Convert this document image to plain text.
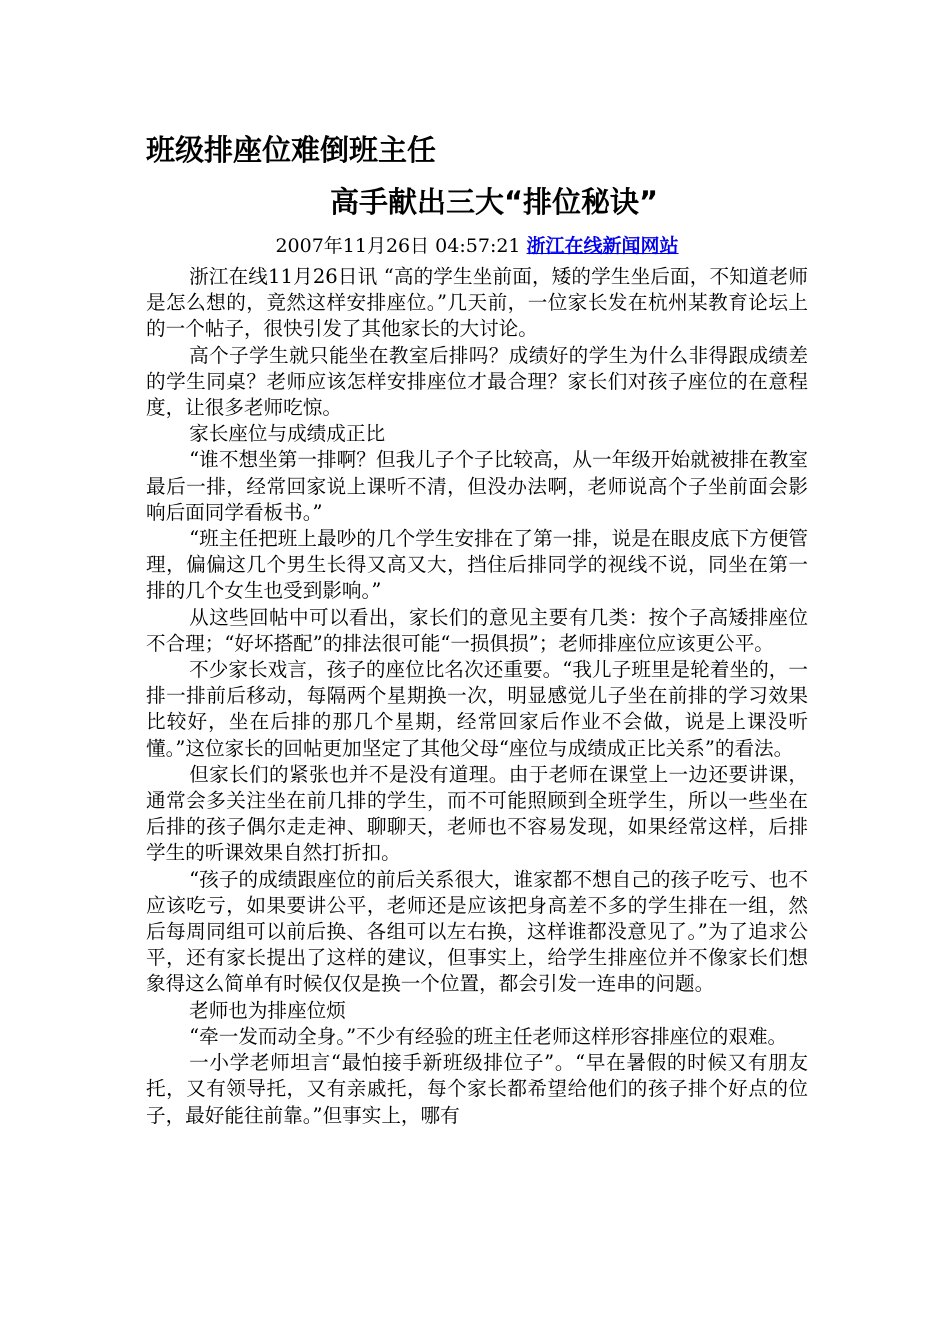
班级排座位难倒班主任
高手献出三大“排位秘诀”
2007年11月26日 04:57:21 浙江在线新闻网站

浙江在线11月26日讯 “高的学生坐前面，矮的学生坐后面，不知道老师是怎么想的，竟然这样安排座位。”几天前，一位家长发在杭州某教育论坛上的一个帖子，很快引发了其他家长的大讨论。

高个子学生就只能坐在教室后排吗？成绩好的学生为什么非得跟成绩差的学生同桌？老师应该怎样安排座位才最合理？家长们对孩子座位的在意程度，让很多老师吃惊。

家长座位与成绩成正比

“谁不想坐第一排啊？但我儿子个子比较高，从一年级开始就被排在教室最后一排，经常回家说上课听不清，但没办法啊，老师说高个子坐前面会影响后面同学看板书。”

“班主任把班上最吵的几个学生安排在了第一排，说是在眼皮底下方便管理，偏偏这几个男生长得又高又大，挡住后排同学的视线不说，同坐在第一排的几个女生也受到影响。”

从这些回帖中可以看出，家长们的意见主要有几类：按个子高矮排座位不合理；“好坏搭配”的排法很可能“一损俱损”；老师排座位应该更公平。

不少家长戏言，孩子的座位比名次还重要。“我儿子班里是轮着坐的，一排一排前后移动，每隔两个星期换一次，明显感觉儿子坐在前排的学习效果比较好，坐在后排的那几个星期，经常回家后作业不会做，说是上课没听懂。”这位家长的回帖更加坚定了其他父母“座位与成绩成正比关系”的看法。

但家长们的紧张也并不是没有道理。由于老师在课堂上一边还要讲课，通常会多关注坐在前几排的学生，而不可能照顾到全班学生，所以一些坐在后排的孩子偶尔走走神、聊聊天，老师也不容易发现，如果经常这样，后排学生的听课效果自然打折扣。

“孩子的成绩跟座位的前后关系很大，谁家都不想自己的孩子吃亏、也不应该吃亏，如果要讲公平，老师还是应该把身高差不多的学生排在一组，然后每周同组可以前后换、各组可以左右换，这样谁都没意见了。”为了追求公平，还有家长提出了这样的建议，但事实上，给学生排座位并不像家长们想象得这么简单有时候仅仅是换一个位置，都会引发一连串的问题。

老师也为排座位烦

“牵一发而动全身。”不少有经验的班主任老师这样形容排座位的艰难。

一小学老师坦言“最怕接手新班级排位子”。“早在暑假的时候又有朋友托，又有领导托，又有亲戚托，每个家长都希望给他们的孩子排个好点的位子，最好能往前靠。”但事实上，哪有
